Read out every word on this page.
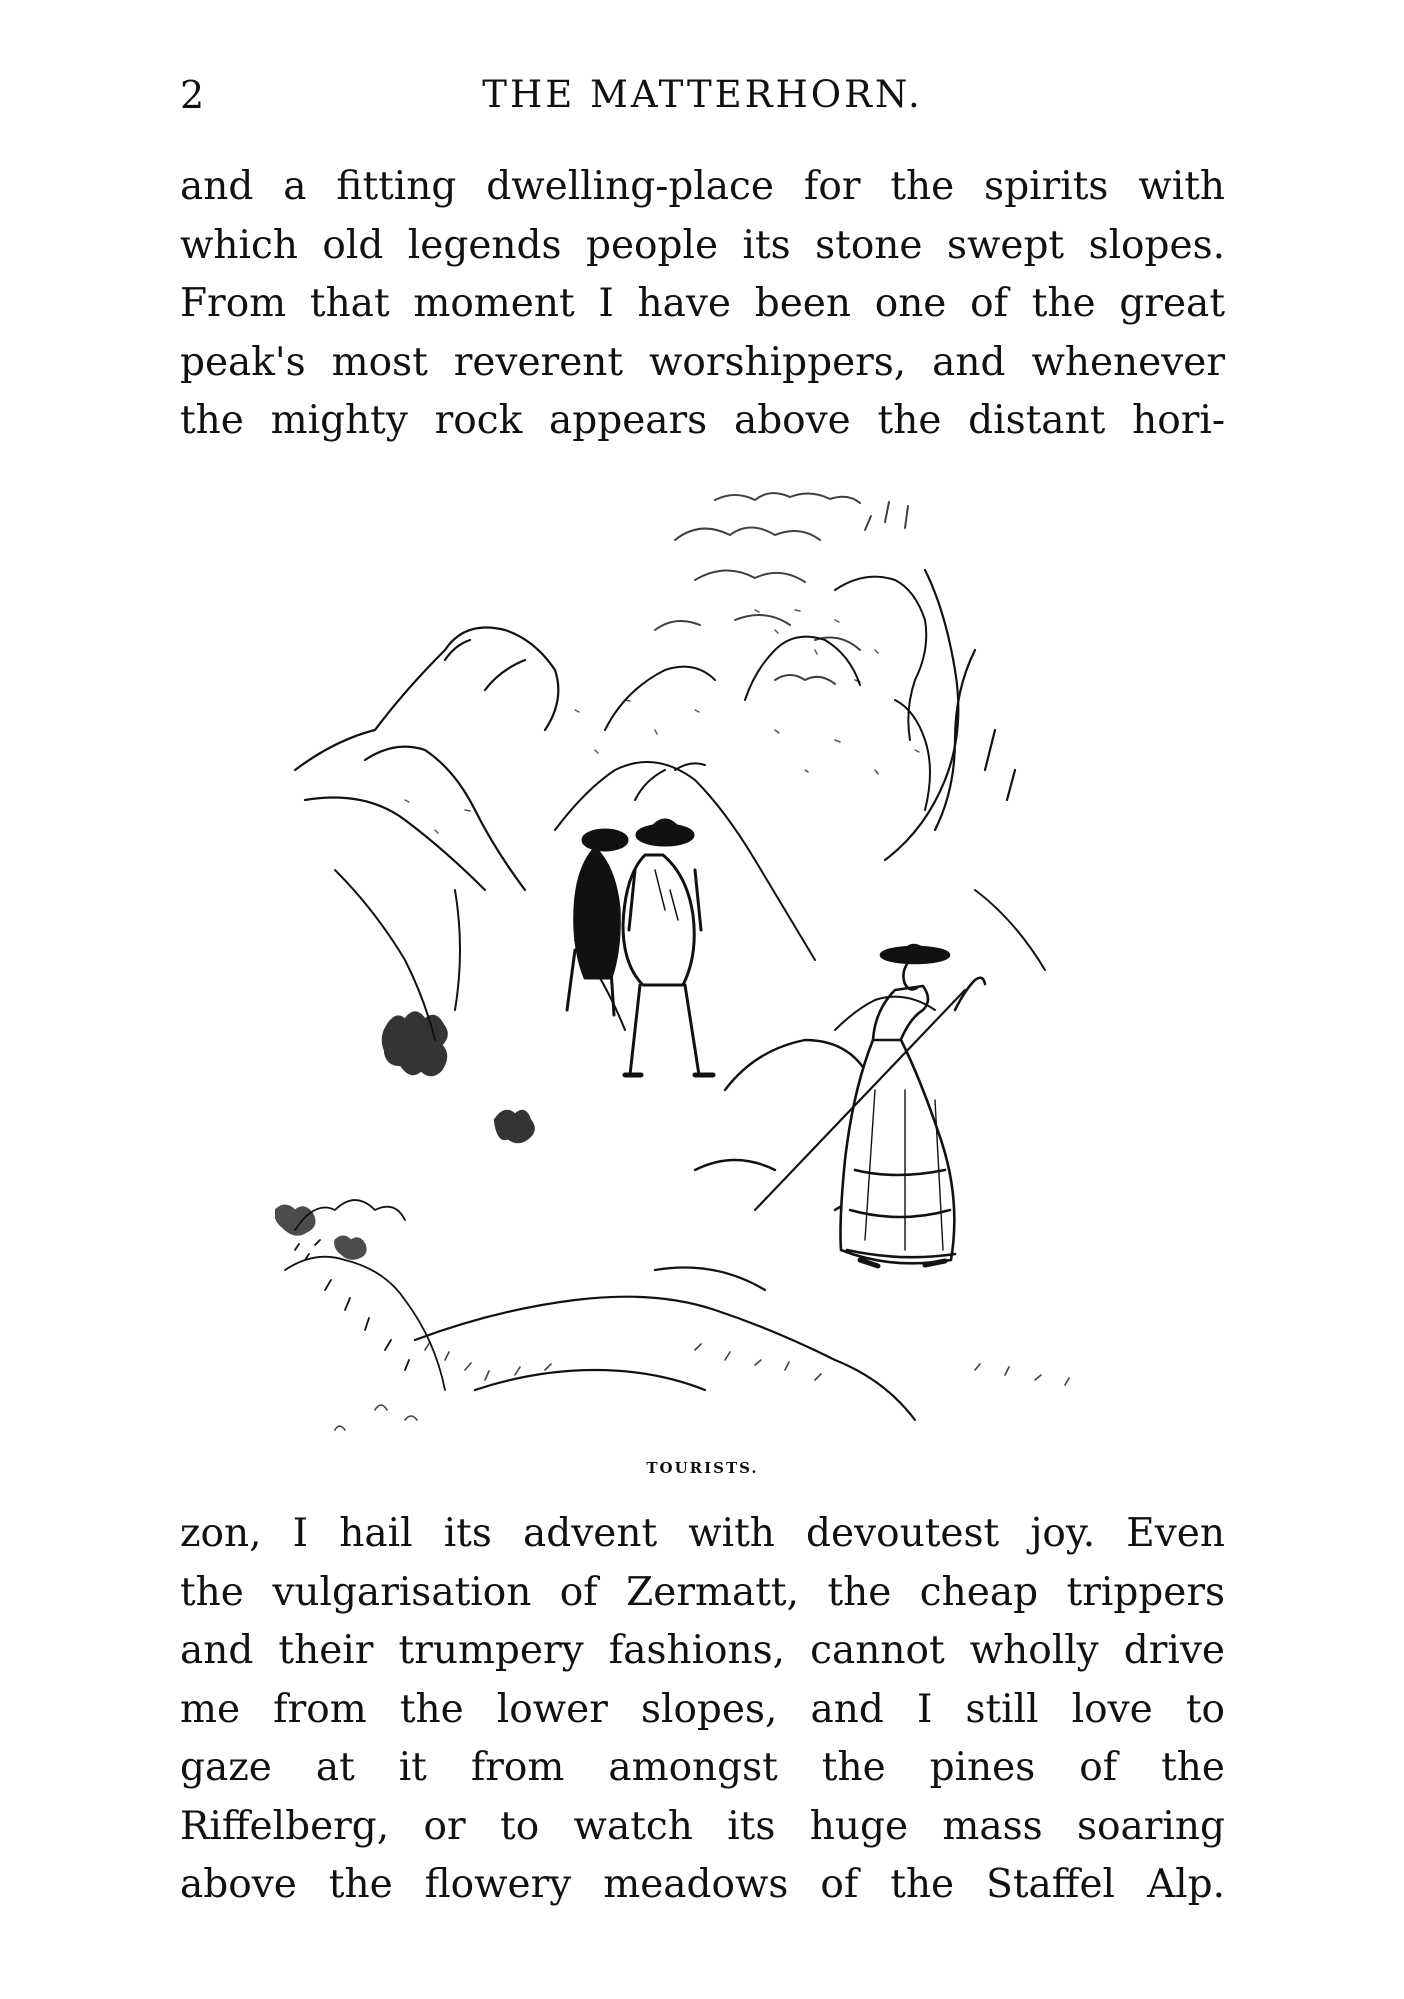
2	THE MATTERHORN.
and a fitting dwelling-place for the spirits with
which old legends people its stone swept slopes.
From that moment I have been one of the great
peak's most reverent worshippers, and whenever
the mighty rock appears above the distant hori-
TOURISTS.
zon, I hail its advent with devoutest joy. Even
the vulgarisation of Zermatt, the cheap trippers
and their trumpery fashions, cannot wholly drive
me from the lower slopes, and I still love to
gaze at it from amongst the pines of the
Riffelberg, or to watch its huge mass soaring
above the flowery meadows of the Staffel Alp.
